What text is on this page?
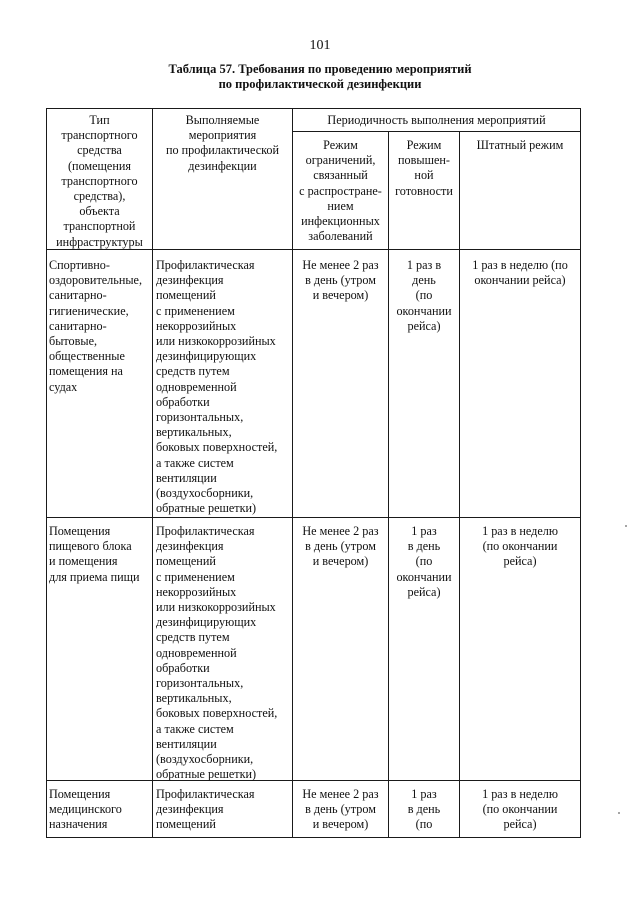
101
Таблица 57. Требования по проведению мероприятий
по профилактической дезинфекции
Тип
транспортного
средства
(помещения
транспортного
средства),
объекта
транспортной
инфраструктуры
Выполняемые
мероприятия
по профилактической
дезинфекции
Периодичность выполнения мероприятий
Режим
ограничений,
связанный
с распростране-
нием
инфекционных
заболеваний
Режим
повышен-
ной
готовности
Штатный режим
Спортивно-
оздоровительные,
санитарно-
гигиенические,
санитарно-
бытовые,
общественные
помещения на
судах
Профилактическая
дезинфекция
помещений
с применением
некоррозийных
или низкокоррозийных
дезинфицирующих
средств путем
одновременной
обработки
горизонтальных,
вертикальных,
боковых поверхностей,
а также систем
вентиляции
(воздухосборники,
обратные решетки)
Не менее 2 раз
в день (утром
и вечером)
1 раз в
день
(по
окончании
рейса)
1 раз в неделю (по
окончании рейса)
Помещения
пищевого блока
и помещения
для приема пищи
Профилактическая
дезинфекция
помещений
с применением
некоррозийных
или низкокоррозийных
дезинфицирующих
средств путем
одновременной
обработки
горизонтальных,
вертикальных,
боковых поверхностей,
а также систем
вентиляции
(воздухосборники,
обратные решетки)
Не менее 2 раз
в день (утром
и вечером)
1 раз
в день
(по
окончании
рейса)
1 раз в неделю
(по окончании
рейса)
Помещения
медицинского
назначения
Профилактическая
дезинфекция
помещений
Не менее 2 раз
в день (утром
и вечером)
1 раз
в день
(по
1 раз в неделю
(по окончании
рейса)
